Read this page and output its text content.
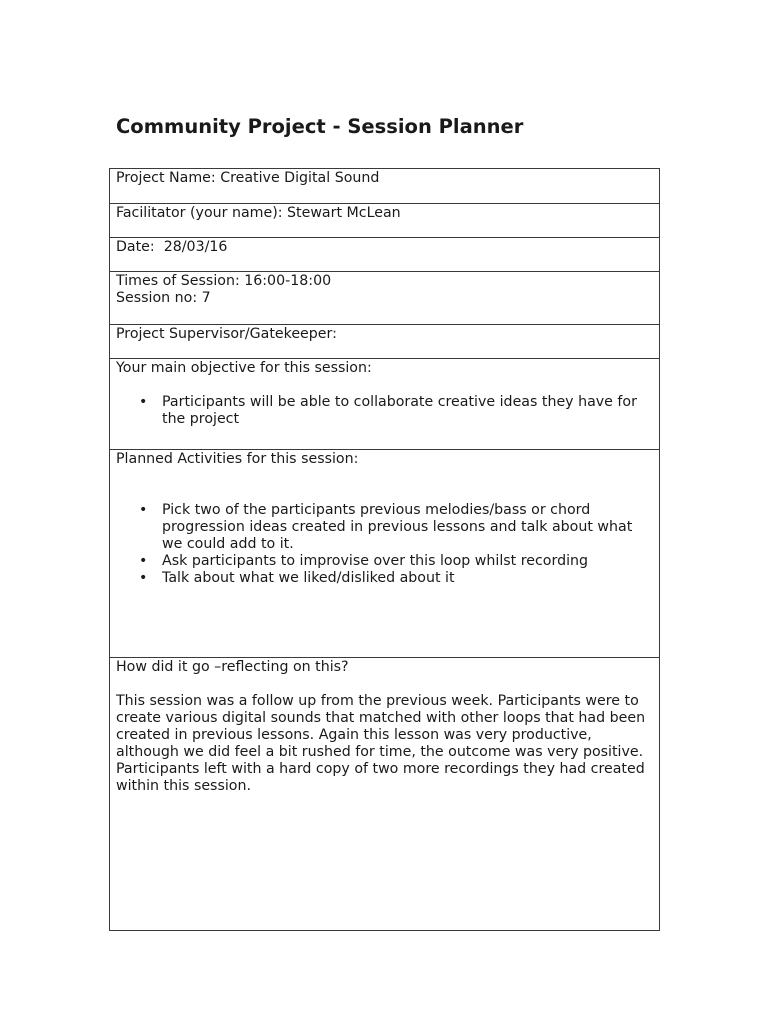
Community Project - Session Planner
Project Name: Creative Digital Sound

Facilitator (your name): Stewart McLean

Date:  28/03/16

Times of Session: 16:00-18:00
Session no: 7

Project Supervisor/Gatekeeper:

Your main objective for this session:
• Participants will be able to collaborate creative ideas they have for the project

Planned Activities for this session:
• Pick two of the participants previous melodies/bass or chord progression ideas created in previous lessons and talk about what we could add to it.
• Ask participants to improvise over this loop whilst recording
• Talk about what we liked/disliked about it

How did it go –reflecting on this?
This session was a follow up from the previous week. Participants were to create various digital sounds that matched with other loops that had been created in previous lessons. Again this lesson was very productive, although we did feel a bit rushed for time, the outcome was very positive. Participants left with a hard copy of two more recordings they had created within this session.
